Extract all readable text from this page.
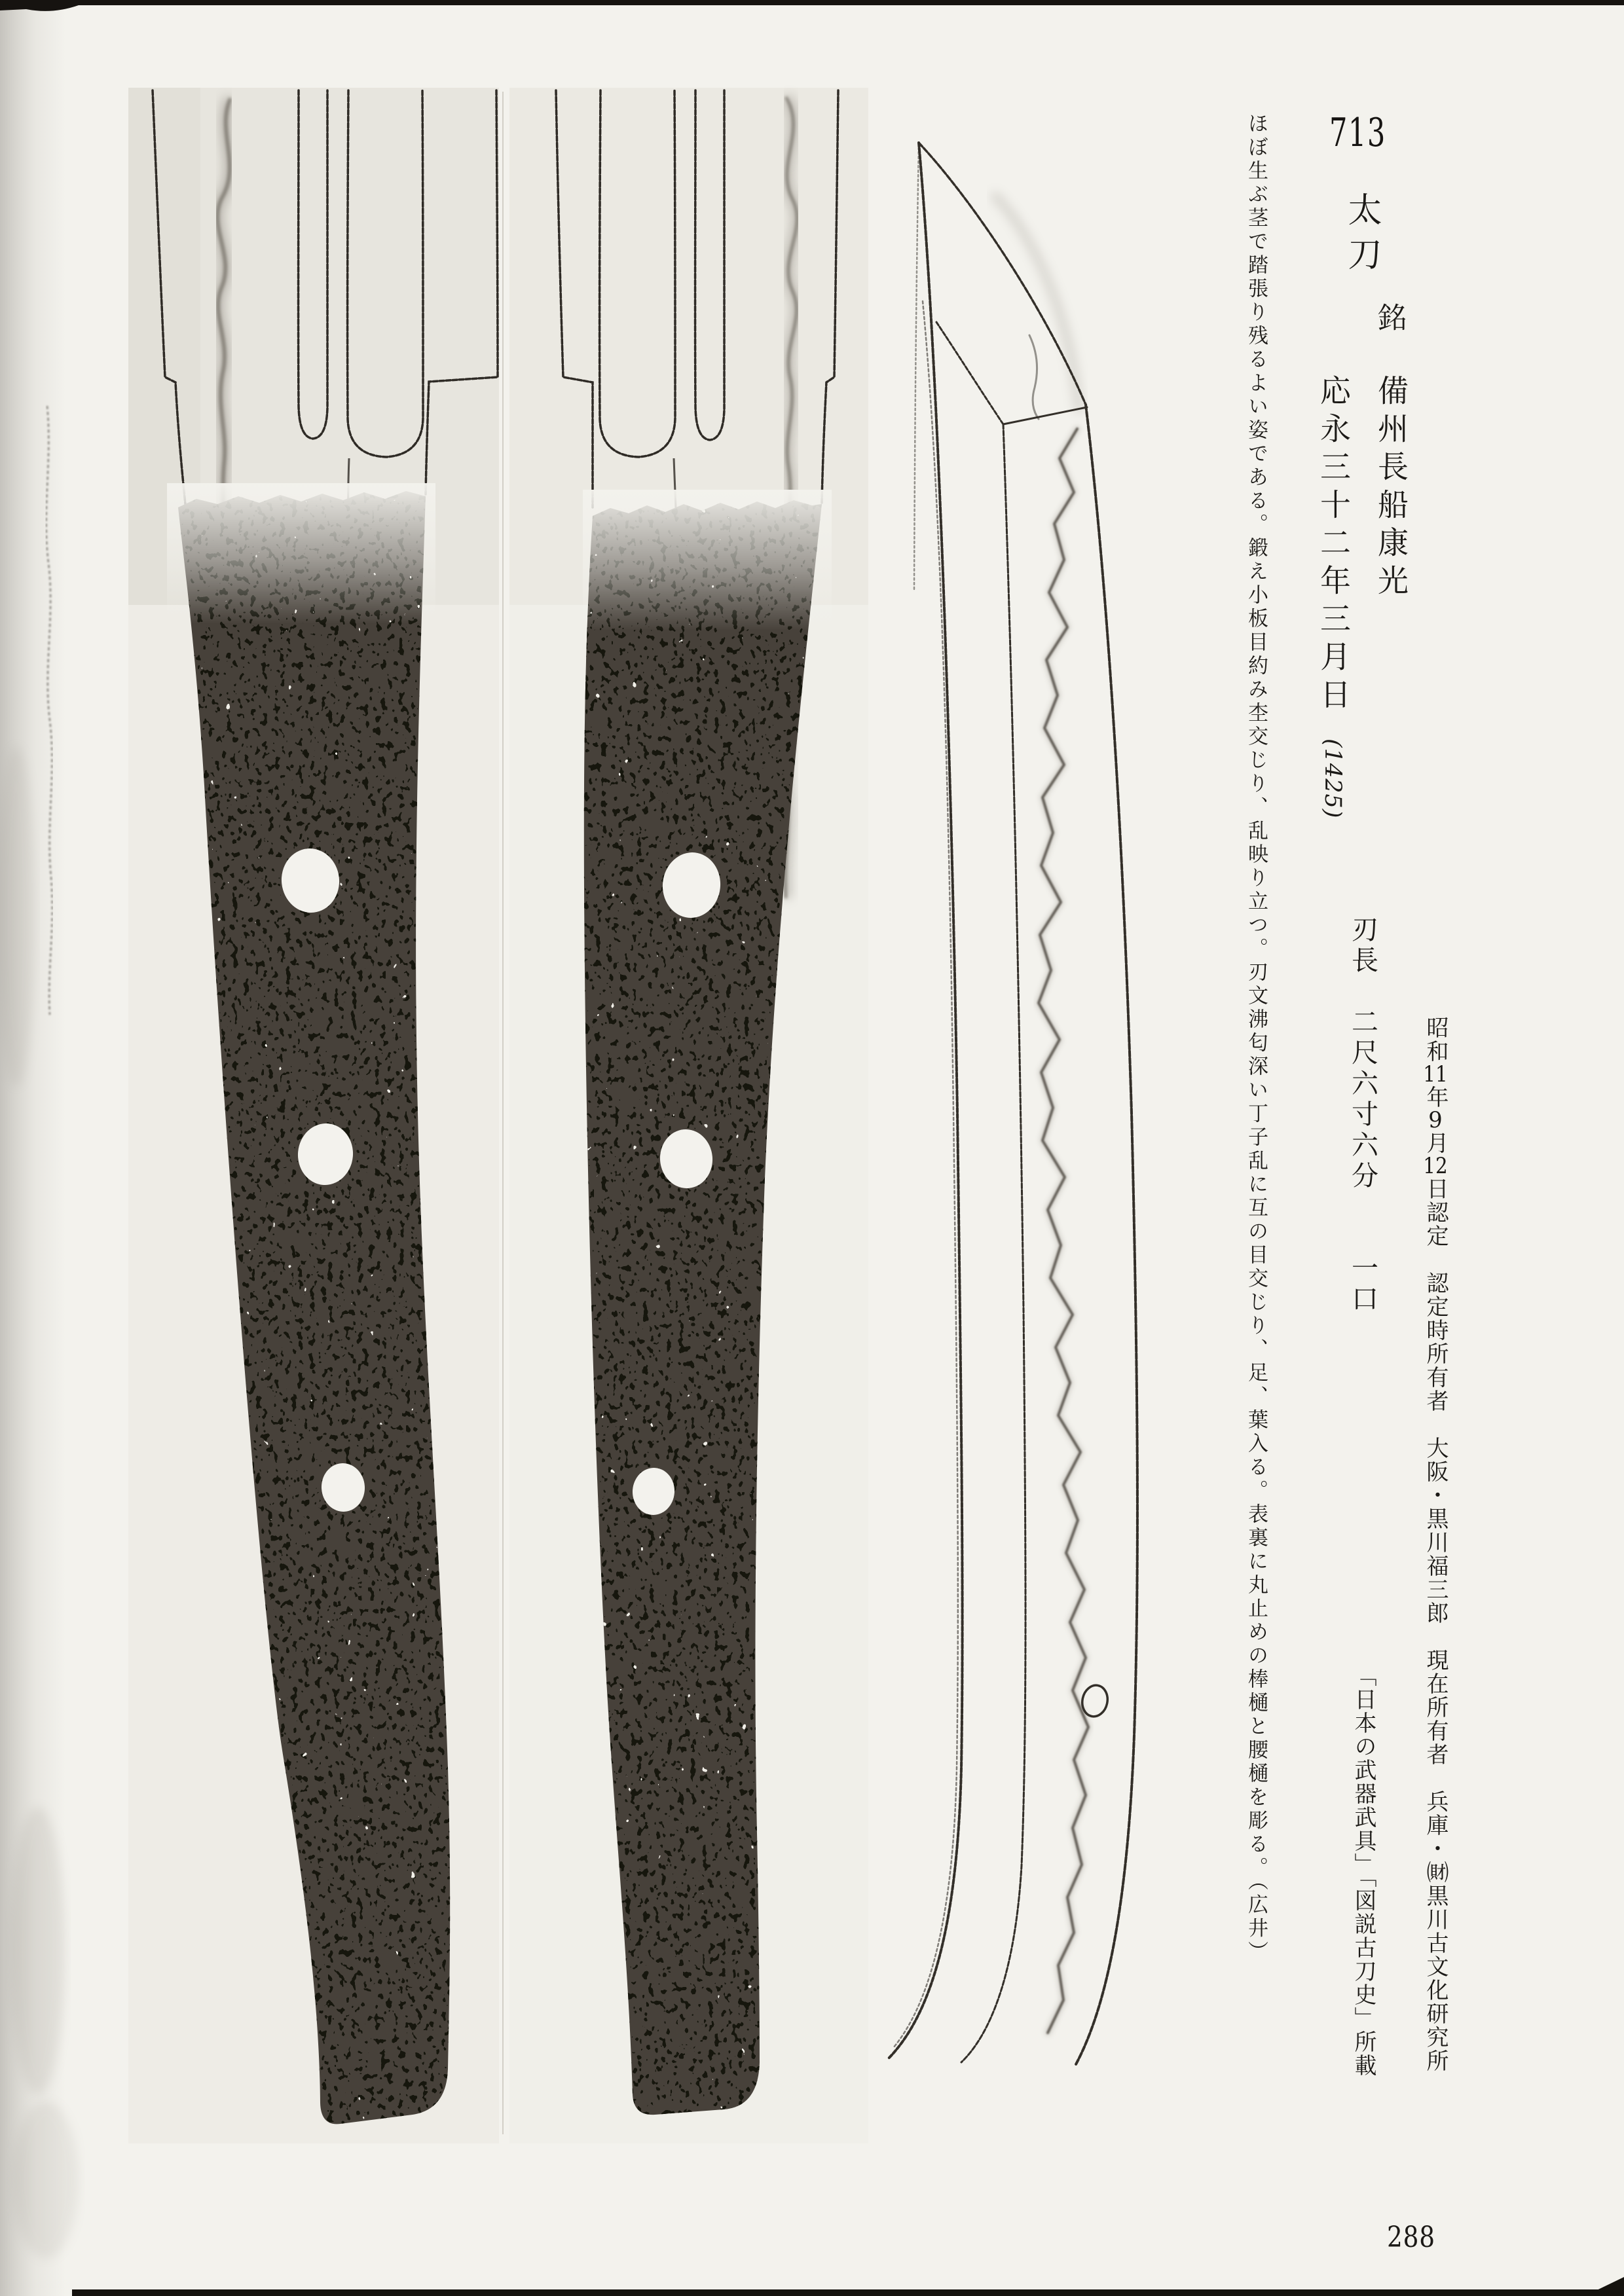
ほぼ生ぶ茎で踏張り残るよい姿である。鍛え小板目約み杢交じり、乱映り立つ。刃文沸匂深い丁子乱に互の目交じり、足、葉入る。表裏に丸止めの棒樋と腰樋を彫る。（広井） 713
太刀
銘
備州長船康光
応永三十二年三月日(1425)
刃長　二尺六寸六分　　一口 昭和11年9月12日認定　認定時所有者　大阪・黒川福三郎　現在所有者　兵庫・㈶黒川古文化研究所
「日本の武器武具」「図説古刀史」所載
288
